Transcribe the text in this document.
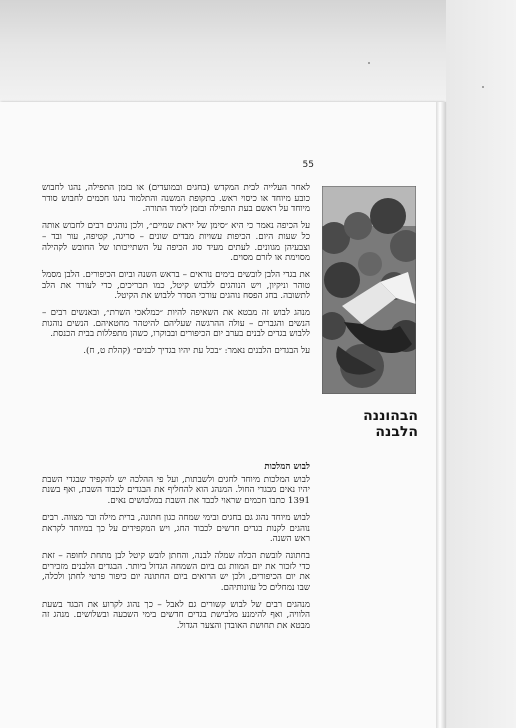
55

לאחר העלייה לבית המקדש (בחגים ובמועדים) או בזמן התפילה, נהגו לחבוש כובע מיוחד או כיסוי ראש. בתקופת המשנה והתלמוד נהגו חכמים לחבוש סודר מיוחד על ראשם בעת התפילה ובזמן לימוד התורה.

על הכיפה נאמר כי היא ״סימן של יראת שמיים״, ולכן נוהגים רבים לחבוש אותה כל שעות היום. הכיפות עשויות מבדים שונים – סריגה, קטיפה, עור ובד – וצבעיהן מגוונים. לעתים מעיד סוג הכיפה על השתייכותו של החובש לקהילה מסוימת או לזרם מסוים.

את בגדי הלבן לובשים בימים נוראים – בראש השנה וביום הכיפורים. הלבן מסמל טוהר וניקיון, ויש הנוהגים ללבוש קיטל, כמו תכריכים, כדי לעורר את הלב לתשובה. בחג הפסח נוהגים עורכי הסדר ללבוש את הקיטל.

מנהג לבוש זה מבטא את השאיפה להיות ״כמלאכי השרת״, ובאנשים רבים – הנשים והגברים – עולה ההרגשה שעליהם להיטהר מחטאיהם. הנשים נוהגות ללבוש בגדים לבנים בערב יום הכיפורים ובבוקרו, כשהן מתפללות בבית הכנסת.

על הבגדים הלבנים נאמר: ״בכל עת יהיו בגדיך לבנים״ (קהלת ט, ח).

לבוש המלכות

לבוש המלכות מיוחד לחגים ולשבתות, ועל פי ההלכה יש להקפיד שבגדי השבת יהיו נאים מבגדי החול. המנהג הוא להחליף את הבגדים לכבוד השבת, ואף בשנת 1391 כתבו חכמים שראוי לכבד את השבת במלבושים נאים.

לבוש מיוחד נהוג גם בחגים ובימי שמחה כגון חתונה, ברית מילה ובר מצווה. רבים נוהגים לקנות בגדים חדשים לכבוד החג, ויש המקפידים על כך במיוחד לקראת ראש השנה.

בחתונה לובשת הכלה שמלה לבנה, והחתן לובש קיטל לבן מתחת לחופה – זאת כדי לזכור את יום המוות גם ביום השמחה הגדול ביותר. הבגדים הלבנים מזכירים את יום הכיפורים, ולכן יש הרואים ביום החתונה יום כיפור פרטי לחתן ולכלה, שבו נמחלים כל עוונותיהם.

מנהגים רבים של לבוש קשורים גם לאבל – כך נהוג לקרוע את הבגד בשעת הלוויה, ואף להימנע מלבישת בגדים חדשים בימי השבעה ובשלושים. מנהג זה מבטא את תחושת האובדן והצער הגדול.

הבהוננה הלבנה
